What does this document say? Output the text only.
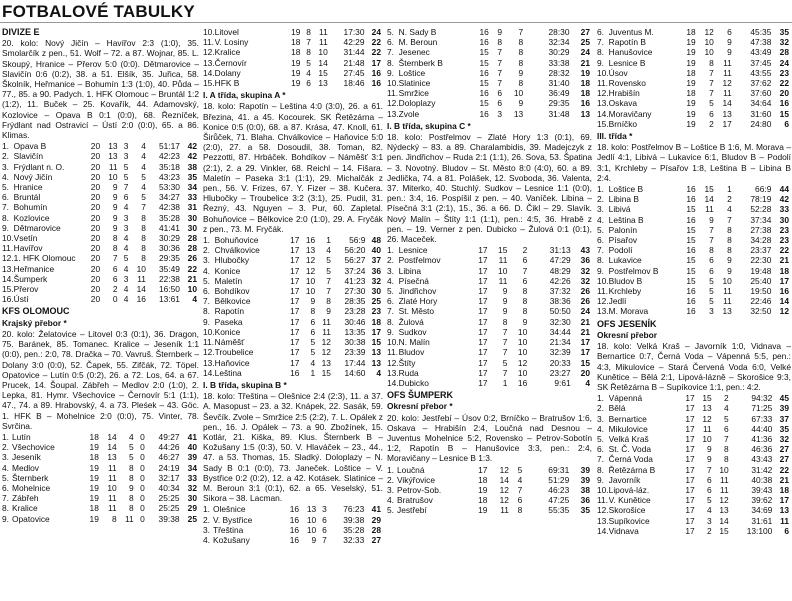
FOTBALOVÉ TABULKY
DIVIZE E
20. kolo: Nový Jičín – Havířov 2:3 (1:0), 35. Smolarčík z pen., 51. Wolf – 72. a 87. Wojnar, 85. L. Skoupý, Hranice – Přerov 5:0 (0:0). Dětmarovice – Slavičín 0:6 (0:2), 38. a 51. Elšík, 35. Juřica, 58. Školník, Heřmanice – Bohumín 1:3 (1:0), 40. Půda – 77., 85. a 90. Padych. 1. HFK Olomouc – Bruntál 1:2 (1:2), 11. Buček – 25. Kovařík, 44. Adamovský, Kozlovice – Opava B 0:1 (0:0), 68. Řezníček, Frýdlant nad Ostravicí – Ústí 2:0 (0:0), 65. a 86. Klimas.
1.	Opava B	20	13	3	4	51:17	42
2.	Slavičín	20	13	3	4	42:23	42
3.	Frýdlant n. O.	20	11	5	4	35:18	38
4.	Nový Jičín	20	10	5	5	43:23	35
5.	Hranice	20	9	7	4	53:30	34
6.	Bruntál	20	9	6	5	34:27	33
7.	Bohumín	20	9	4	7	42:38	31
8.	Kozlovice	20	9	3	8	35:28	30
9.	Dětmarovice	20	9	3	8	41:41	30
10.	Vsetín	20	8	4	8	30:29	28
11.	Havířov	20	8	4	8	30:36	28
12.	1. HFK Olomouc	20	7	5	8	29:35	26
13.	Heřmanice	20	6	4	10	35:49	22
14.	Šumperk	20	6	3	11	22:38	21
15.	Přerov	20	2	4	14	16:50	10
16.	Ústí	20	0	4	16	13:61	4
KFS OLOMOUC
Krajský přebor *
20. kolo: Želatovice – Litovel 0:3 (0:1), 36. Dragon, 75. Baránek, 85. Tomanec. Kralice – Jeseník 1:1 (0:0), pen.: 2:0, 78. Dračka – 70. Vavruš. Šternberk – Dolany 3:0 (0:0), 52. Čapek, 55. Zifčák, 72. Töpel. Opatovice – Lutín 0:5 (0:2), 26. a 72. Los, 64. a 67. Prucek, 14. Šoupal. Zábřeh – Medlov 2:0 (1:0), 2. Lepka, 81. Hymr. Všechovice – Černovír 5:1 (1:1), 47., 74. a 89. Hrabovský, 4. a 73. Pleśek – 43. Göc. 1. HFK B – Mohelnice 2:0 (0:0), 75. Vinter, 78. Svrčina.
1.	Lutín	18	14	4	0	49:27	41
2.	Všechovice	19	14	5	0	44:26	40
3.	Jeseník	18	13	5	0	46:27	39
4.	Medlov	19	11	8	0	24:19	34
5.	Šternberk	19	11	8	0	32:17	33
6.	Mohelnice	19	10	9	0	40:34	32
7.	Zábřeh	19	11	8	0	25:25	30
8.	Kralice	18	11	8	0	25:25	29
9.	Opatovice	19	8	11	0	39:38	25
10.	Litovel	19	8	11		17:30	24
11.	V. Losiny	18	7	11		42:29	22
12.	Kralice	18	8	10		31:44	22
13.	Černovír	19	5	14		21:48	17
14.	Dolany	19	4	15		27:45	16
15.	HFK B	19	6	13		18:46	16
I. A třída, skupina A *
18. kolo: Rapotín – Leština 4:0 (3:0), 26. a 61. Březina, 41. a 45. Kocourek. SK Řetězárna – Konice 0:5 (0:0), 68. a 87. Krása, 47. Knoll, 61. Širůček, 71. Blaha. Chválkovice – Haňovice 5:0 (2:0), 27. a 58. Dosoudil, 38. Toman, 82. Pezzotti, 87. Hrbáček. Bohdíkov – Náměšť 3:1 (2:1), 2. a 29. Vinkler, 68. Reichl – 14. Fišara. Maletín – Paseka 3:1 (1:1), 29. Michalčák z pen., 56. V. Frizes, 67. Y. Fizer – 38. Kučera. Hlubočky – Troubelice 3:2 (3:1), 25. Pudil, 31. Řezný, 43. Nguyen – 3. Pur, 60. Zapletal. Bohuňovice – Bělkovice 2:0 (1:0), 29. A. Fryčák z pen., 73. M. Fryčák.
1.	Bohuňovice	17	16	1		56:9	48
2.	Chválkovice	17	13	4		56:20	40
3.	Hlubočky	17	12	5		56:27	37
4.	Konice	17	12	5		37:24	36
5.	Maletín	17	10	7		41:23	32
6.	Bohdíkov	17	10	7		27:30	30
7.	Bělkovice	17	9	8		28:35	25
8.	Rapotín	17	8	9		23:28	23
9.	Paseka	17	6	11		30:46	18
10.	Konice	17	6	11		13:35	17
11.	Náměšť	17	5	12		30:38	15
12.	Troubelice	17	5	12		23:39	13
13.	Haňovice	17	4	13		17:44	13
14.	Leština	16	1	15		14:60	4
I. B třída, skupina B *
18. kolo: Třeština – Olešnice 2:4 (2:3), 11. a 37. A. Masopust – 23. a 32. Knápek, 22. Sasák, 59. Ševčík. Zvole – Smržice 2:5 (2:2), 7. L. Opálek z pen., 16. J. Opálek – 73. a 90. Zbožínek, 15. Kotlár, 21. Kiška, 89. Klus. Šternberk B – Kožušany 1:5 (0:3), 50. V. Hlaváček – 23., 44., 47. a 53. Thomas, 15. Sladký. Doloplazy – N. Sady B 0:1 (0:0), 73. Janeček. Loštice – V. Bystřice 0:2 (0:2), 12. a 42. Kotásek. Slatinice – M. Beroun 3:1 (0:1), 62. a 65. Veselský, 51. Sikora – 38. Lacman.
1.	Olešnice	16	13	3		76:23	41
2.	V. Bystřice	16	10	6		39:38	29
3.	Třeština	16	10	6		35:28	28
4.	Kožušany	16	9	7		32:33	27
5.	N. Sady B	16	9	7		28:30	27
6.	M. Beroun	16	8	8		32:34	25
7.	Jesenec	15	7	8		30:29	24
8.	Šternberk B	15	7	8		33:38	21
9.	Loštice	16	7	9		28:32	19
10.	Slatinice	15	7	8		31:40	18
11.	Smržice	16	6	10		36:49	18
12.	Doloplazy	15	6	9		29:35	16
13.	Zvole	16	3	13		31:48	13
I. B třída, skupina C *
18. kolo: Postřelmov – Zlaté Hory 1:3 (0:1), 69. Nýdecký – 83. a 89. Charalambidis, 39. Madejczyk z pen. Jindřichov – Ruda 2:1 (1:1), 26. Sova, 53. Špatina – 3. Novotný. Bludov – St. Město 8:0 (4:0), 60. a 89. Jedlička, 74. a 81. Polášek, 12. Svoboda, 36. Valenta, 37. Miterko, 40. Stuchlý. Sudkov – Lesnice 1:1 (0:0), pen.: 3:4, 16. Pospíšil z pen. – 40. Vaníček. Libina – Písečná 3:1 (2:1), 15., 36. a 66. D. Čikl – 29. Slavík. Nový Malín – Štíty 1:1 (1:1), pen.: 4:5, 36. Hrabě z pen. – 19. Verner z pen. Dubicko – Žulová 0:1 (0:1), 26. Maceček.
1.	Lesnice	17	15	2		31:13	43
2.	Postřelmov	17	11	6		47:29	36
3.	Libina	17	10	7		48:29	32
4.	Písečná	17	11	6		42:26	32
5.	Jindřichov	17	9	8		37:32	26
6.	Zlaté Hory	17	9	8		38:36	26
7.	St. Město	17	9	8		50:50	24
8.	Žulová	17	8	9		32:30	21
9.	Sudkov	17	7	10		34:44	21
10.	N. Malín	17	7	10		21:34	17
11.	Bludov	17	7	10		32:39	17
12.	Štíty	17	5	12		20:33	15
13.	Ruda	17	7	10		23:27	20
14.	Dubicko	17	1	16		9:61	4
OFS ŠUMPERK
Okresní přebor *
20. kolo: Jestřebí – Úsov 0:2, Brníčko – Bratrušov 1:6, Oskava – Hrabišín 2:4, Loučná nad Desnou – Juventus Mohelnice 5:2, Rovensko – Petrov-Sobotín 1:2, Rapotín B – Hanušovice 3:3, pen.: 2:4, Moravičany – Lesnice B 1:3.
1.	Loučná	17	12	5		69:31	39
2.	Vikýřovice	18	14	4		51:29	39
3.	Petrov-Sob.	19	12	7		46:23	38
4.	Bratrušov	18	12	6		47:25	36
5.	Jestřebí	19	11	8		55:35	35
6.	Juventus M.	18	12	6		45:35	35
7.	Rapotín B	19	10	9		47:38	32
8.	Hanušovice	19	10	9		43:49	28
9.	Lesnice B	19	8	11		37:45	24
10.	Úsov	18	7	11		43:55	23
11.	Rovensko	19	7	12		37:62	22
12.	Hrabišín	18	7	11		37:60	20
13.	Oskava	19	5	14		34:64	16
14.	Moravičany	19	6	13		31:60	15
15.	Brníčko	19	2	17		24:80	6
III. třída *
18. kolo: Postřelmov B – Loštice B 1:6, M. Morava – Jedlí 4:1, Libivá – Lukavice 6:1, Bludov B – Podolí 3:1, Krchleby – Písařov 1:8, Leština B – Libina B 2:4.
1.	Loštice B	16	15	1		66:9	44
2.	Libina B	16	14	2		78:19	42
3.	Libivá	15	11	4		52:28	33
4.	Leština B	16	9	7		37:34	30
5.	Palonín	15	7	8		27:38	23
6.	Písařov	15	7	8		34:28	23
7.	Podolí	16	8	8		23:37	22
8.	Lukavice	15	6	9		22:30	21
9.	Postřelmov B	15	6	9		19:48	18
10.	Bludov B	15	5	10		25:40	17
11.	Krchleby	16	5	11		19:50	16
12.	Jedlí	16	5	11		22:46	14
13.	M. Morava	16	3	13		32:50	12
OFS JESENÍK
Okresní přebor
18. kolo: Velká Kraš – Javorník 1:0, Vidnava – Bernartice 0:7, Černá Voda – Vápenná 5:5, pen.: 4:3, Mikulovice – Stará Červená Voda 6:0, Velké Kunětice – Bělá 2:1, Lipová-lázně – Skorošice 9:3, SK Řetězárna B – Supíkovice 1:1, pen.: 4:2.
1.	Vápenná	17	15	2		94:32	45
2.	Bělá	17	13	4		71:25	39
3.	Bernartice	17	12	5		67:33	37
4.	Mikulovice	17	11	6		44:40	35
5.	Velká Kraš	17	10	7		41:36	32
6.	St. Č. Voda	17	9	8		46:36	27
7.	Černá Voda	17	9	8		43:43	27
8.	Řetězárna B	17	7	10		31:42	22
9.	Javorník	17	6	11		40:38	21
10.	Lipová-láz.	17	6	11		39:43	18
11.	V. Kunětice	17	5	12		39:62	17
12.	Skorošice	17	4	13		34:69	13
13.	Supíkovice	17	3	14		31:61	11
14.	Vidnava	17	2	15		13:100	6
